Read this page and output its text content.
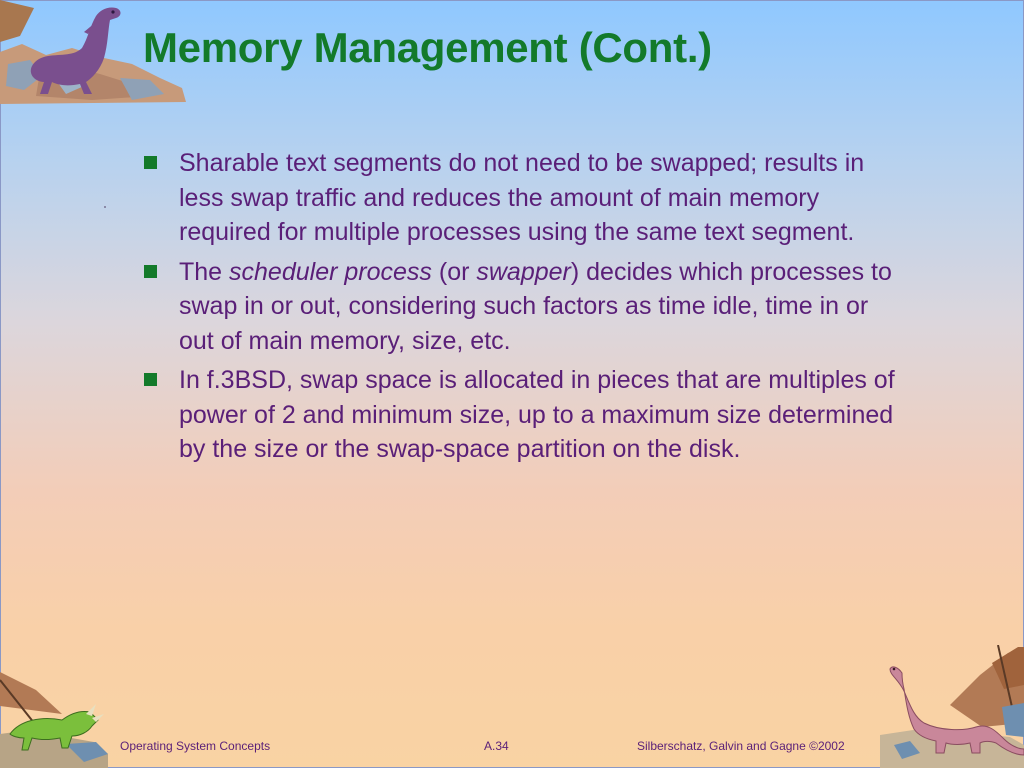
Memory Management (Cont.)
Sharable text segments do not need to be swapped; results in less swap traffic and reduces the amount of main memory required for multiple processes using the same text segment.
The scheduler process (or swapper) decides which processes to swap in or out, considering such factors as time idle, time in or out of main memory, size, etc.
In f.3BSD, swap space is allocated in pieces that are multiples of power of 2 and minimum size, up to a maximum size determined by the size or the swap-space partition on the disk.
Operating System Concepts	A.34	Silberschatz, Galvin and Gagne ©2002
